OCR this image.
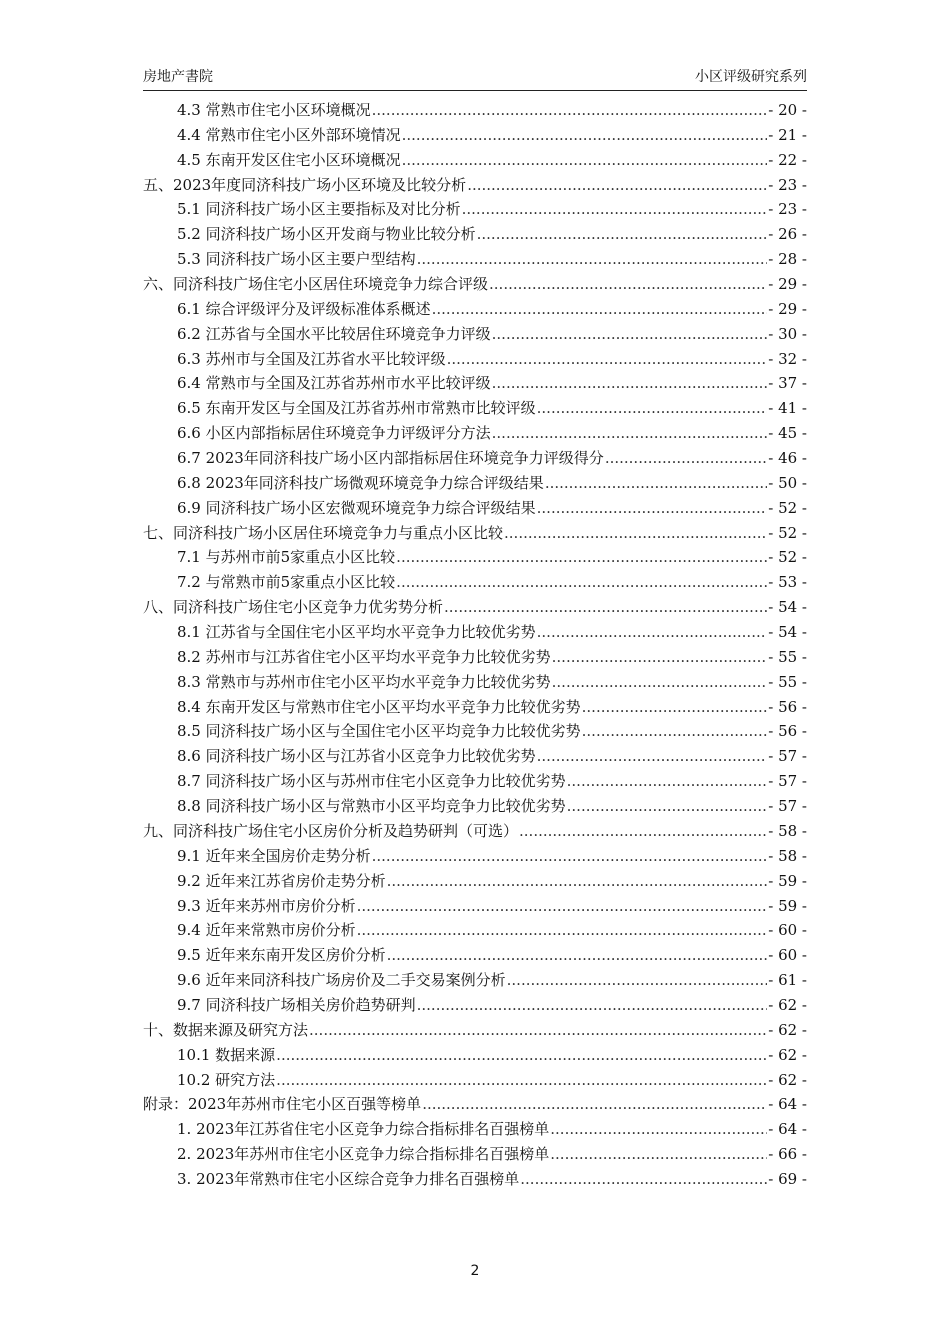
房地产書院	小区评级研究系列
4.3 常熟市住宅小区环境概况 .....	- 20 -
4.4 常熟市住宅小区外部环境情况 .....	- 21 -
4.5 东南开发区住宅小区环境概况 .....	- 22 -
五、2023年度同济科技广场小区环境及比较分析 .....	- 23 -
5.1 同济科技广场小区主要指标及对比分析 .....	- 23 -
5.2 同济科技广场小区开发商与物业比较分析 .....	- 26 -
5.3 同济科技广场小区主要户型结构 .....	- 28 -
六、同济科技广场住宅小区居住环境竞争力综合评级 .....	- 29 -
6.1 综合评级评分及评级标准体系概述 .....	- 29 -
6.2 江苏省与全国水平比较居住环境竞争力评级 .....	- 30 -
6.3 苏州市与全国及江苏省水平比较评级 .....	- 32 -
6.4 常熟市与全国及江苏省苏州市水平比较评级 .....	- 37 -
6.5 东南开发区与全国及江苏省苏州市常熟市比较评级 .....	- 41 -
6.6 小区内部指标居住环境竞争力评级评分方法 .....	- 45 -
6.7 2023年同济科技广场小区内部指标居住环境竞争力评级得分 .....	- 46 -
6.8 2023年同济科技广场微观环境竞争力综合评级结果 .....	- 50 -
6.9 同济科技广场小区宏微观环境竞争力综合评级结果 .....	- 52 -
七、同济科技广场小区居住环境竞争力与重点小区比较 .....	- 52 -
7.1 与苏州市前5家重点小区比较 .....	- 52 -
7.2 与常熟市前5家重点小区比较 .....	- 53 -
八、同济科技广场住宅小区竞争力优劣势分析 .....	- 54 -
8.1 江苏省与全国住宅小区平均水平竞争力比较优劣势 .....	- 54 -
8.2 苏州市与江苏省住宅小区平均水平竞争力比较优劣势 .....	- 55 -
8.3 常熟市与苏州市住宅小区平均水平竞争力比较优劣势 .....	- 55 -
8.4 东南开发区与常熟市住宅小区平均水平竞争力比较优劣势 .....	- 56 -
8.5 同济科技广场小区与全国住宅小区平均竞争力比较优劣势 .....	- 56 -
8.6 同济科技广场小区与江苏省小区竞争力比较优劣势 .....	- 57 -
8.7 同济科技广场小区与苏州市住宅小区竞争力比较优劣势 .....	- 57 -
8.8 同济科技广场小区与常熟市小区平均竞争力比较优劣势 .....	- 57 -
九、同济科技广场住宅小区房价分析及趋势研判（可选） .....	- 58 -
9.1 近年来全国房价走势分析 .....	- 58 -
9.2 近年来江苏省房价走势分析 .....	- 59 -
9.3 近年来苏州市房价分析 .....	- 59 -
9.4 近年来常熟市房价分析 .....	- 60 -
9.5 近年来东南开发区房价分析 .....	- 60 -
9.6 近年来同济科技广场房价及二手交易案例分析 .....	- 61 -
9.7 同济科技广场相关房价趋势研判 .....	- 62 -
十、数据来源及研究方法 .....	- 62 -
10.1 数据来源 .....	- 62 -
10.2 研究方法 .....	- 62 -
附录：2023年苏州市住宅小区百强等榜单 .....	- 64 -
1. 2023年江苏省住宅小区竞争力综合指标排名百强榜单 .....	- 64 -
2. 2023年苏州市住宅小区竞争力综合指标排名百强榜单 .....	- 66 -
3. 2023年常熟市住宅小区综合竞争力排名百强榜单 .....	- 69 -
2
